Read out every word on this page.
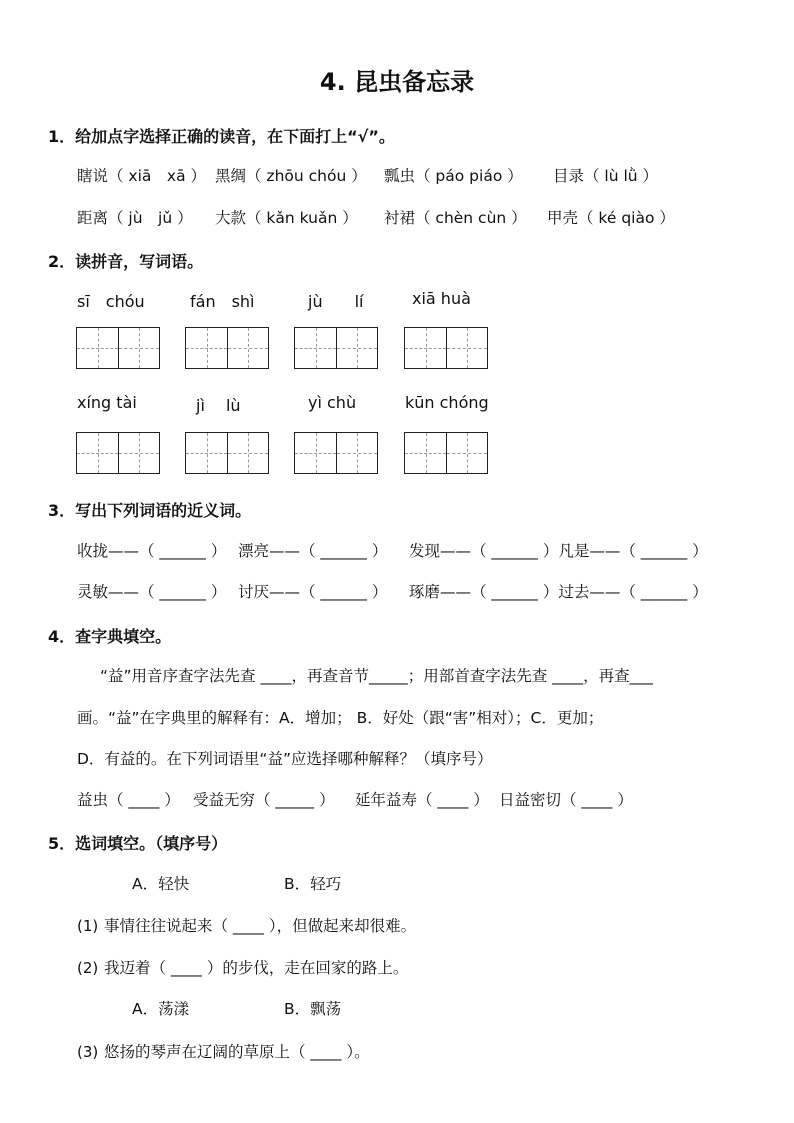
4. 昆虫备忘录
1．给加点字选择正确的读音，在下面打上“√”。
瞎说（ xiā　xā ） 黑绸（ zhōu chóu ） 瓢虫（ páo piáo ） 目录（ lù lǜ ）
距离（ jù　jǔ ） 大款（ kǎn kuǎn ） 衬裙（ chèn cùn ） 甲壳（ ké qiào ）
2．读拼音，写词语。
sī　chóu	fán　shì	jù　　lí	xiā huà
xíng tài	jì　 lù	yì chù	kūn chóng
3．写出下列词语的近义词。
收拢——（ ______ ） 漂亮——（ ______ ） 发现——（ ______ ）凡是——（ ______ ）
灵敏——（ ______ ） 讨厌——（ ______ ） 琢磨——（ ______ ）过去——（ ______ ）
4．查字典填空。
“益”用音序查字法先查 ____，再查音节_____；用部首查字法先查 ____，再查___
画。“益”在字典里的解释有：A．增加； B．好处（跟“害”相对）；C．更加；
D．有益的。在下列词语里“益”应选择哪种解释？（填序号）
益虫（ ____ ） 受益无穷（ _____ ） 延年益寿（ ____ ） 日益密切（ ____ ）
5．选词填空。（填序号）
A．轻快	B．轻巧
(1) 事情往往说起来（ ____ ），但做起来却很难。
(2) 我迈着（ ____ ）的步伐，走在回家的路上。
A．荡漾	B．飘荡
(3) 悠扬的琴声在辽阔的草原上（ ____ ）。
